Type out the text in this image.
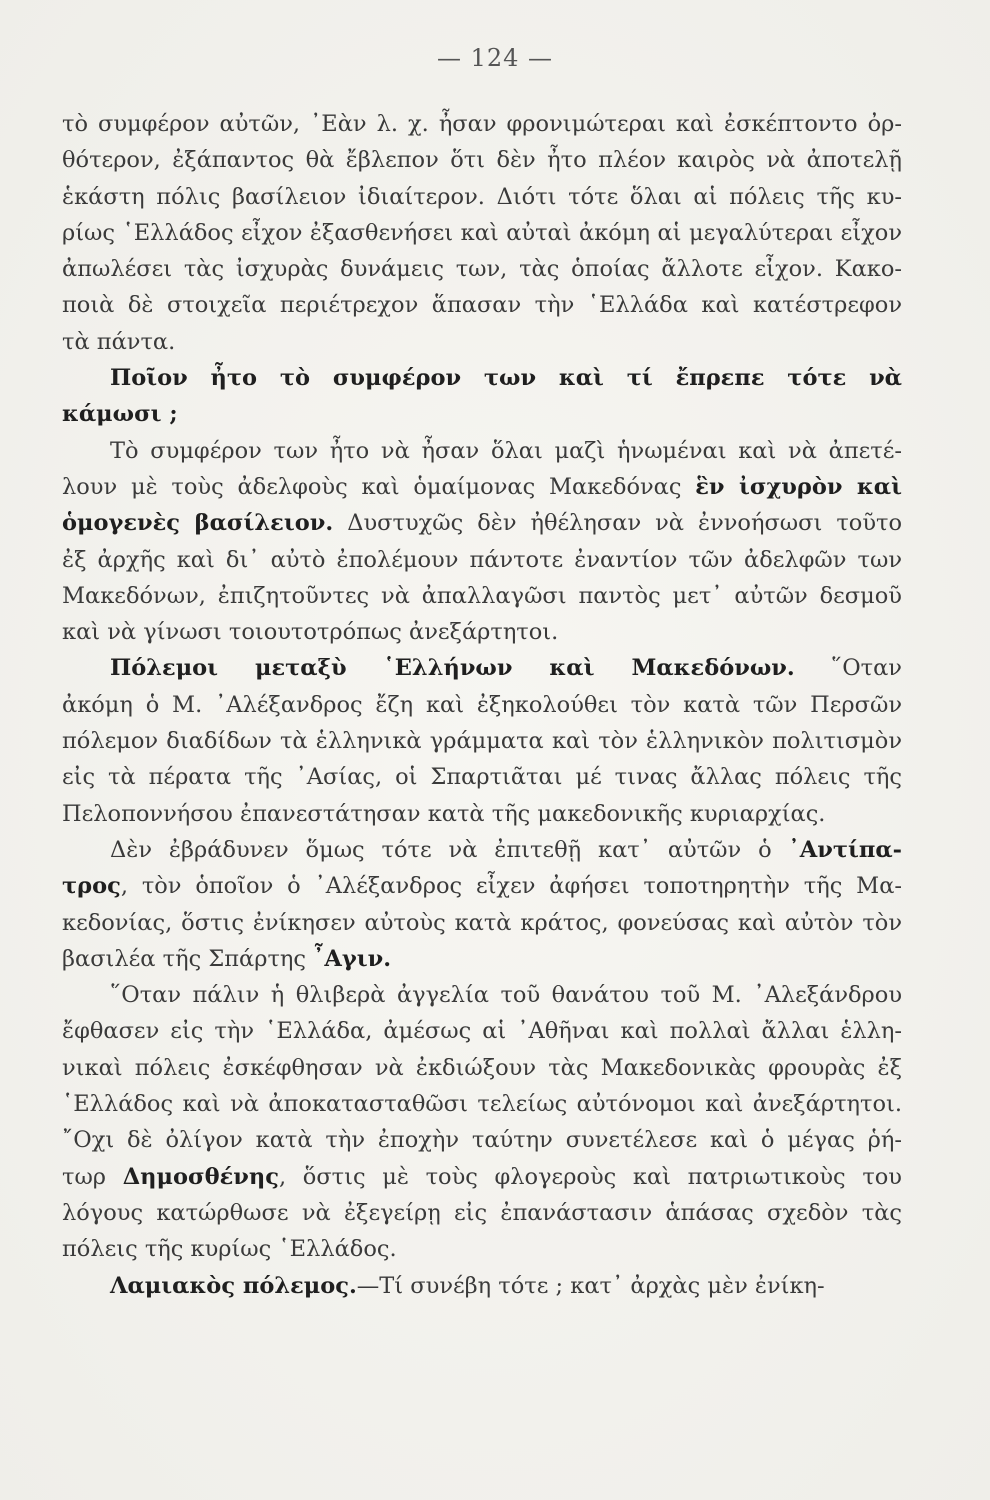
— 124 —

τὸ συμφέρον αὐτῶν, ᾽Εὰν λ. χ. ἦσαν φρονιμώτεραι καὶ ἐσκέπτοντο ὀρ-
θότερον, ἐξάπαντος θὰ ἔβλεπον ὅτι δὲν ἦτο πλέον καιρὸς νὰ ἀποτελῇ
ἑκάστη πόλις βασίλειον ἰδιαίτερον. Διότι τότε ὅλαι αἱ πόλεις τῆς κυ-
ρίως ῾Ελλάδος εἶχον ἐξασθενήσει καὶ αὐταὶ ἀκόμη αἱ μεγαλύτεραι εἶχον
ἀπωλέσει τὰς ἰσχυρὰς δυνάμεις των, τὰς ὁποίας ἄλλοτε εἶχον. Κακο-
ποιὰ δὲ στοιχεῖα περιέτρεχον ἅπασαν τὴν ῾Ελλάδα καὶ κατέστρεφον
τὰ πάντα.

Ποῖον ἦτο τὸ συμφέρον των καὶ τί ἔπρεπε τότε νὰ
κάμωσι ;

Τὸ συμφέρον των ἦτο νὰ ἦσαν ὅλαι μαζὶ ἡνωμέναι καὶ νὰ ἀπετέ-
λουν μὲ τοὺς ἀδελφοὺς καὶ ὁμαίμονας Μακεδόνας ἓν ἰσχυρὸν καὶ
ὁμογενὲς βασίλειον. Δυστυχῶς δὲν ἠθέλησαν νὰ ἐννοήσωσι τοῦτο
ἐξ ἀρχῆς καὶ δι᾽ αὐτὸ ἐπολέμουν πάντοτε ἐναντίον τῶν ἀδελφῶν των
Μακεδόνων, ἐπιζητοῦντες νὰ ἀπαλλαγῶσι παντὸς μετ᾽ αὐτῶν δεσμοῦ
καὶ νὰ γίνωσι τοιουτοτρόπως ἀνεξάρτητοι.

Πόλεμοι μεταξὺ ῾Ελλήνων καὶ Μακεδόνων. ῞Οταν
ἀκόμη ὁ Μ. ᾽Αλέξανδρος ἔζη καὶ ἐξηκολούθει τὸν κατὰ τῶν Περσῶν
πόλεμον διαδίδων τὰ ἑλληνικὰ γράμματα καὶ τὸν ἑλληνικὸν πολιτισμὸν
εἰς τὰ πέρατα τῆς ᾽Ασίας, οἱ Σπαρτιᾶται μέ τινας ἄλλας πόλεις τῆς
Πελοποννήσου ἐπανεστάτησαν κατὰ τῆς μακεδονικῆς κυριαρχίας.

Δὲν ἐβράδυνεν ὅμως τότε νὰ ἐπιτεθῇ κατ᾽ αὐτῶν ὁ ᾽Αντίπα-
τρος, τὸν ὁποῖον ὁ ᾽Αλέξανδρος εἶχεν ἀφήσει τοποτηρητὴν τῆς Μα-
κεδονίας, ὅστις ἐνίκησεν αὐτοὺς κατὰ κράτος, φονεύσας καὶ αὐτὸν τὸν
βασιλέα τῆς Σπάρτης ῏Αγιν.

῞Οταν πάλιν ἡ θλιβερὰ ἀγγελία τοῦ θανάτου τοῦ Μ. ᾽Αλεξάνδρου
ἔφθασεν εἰς τὴν ῾Ελλάδα, ἀμέσως αἱ ᾽Αθῆναι καὶ πολλαὶ ἄλλαι ἑλλη-
νικαὶ πόλεις ἐσκέφθησαν νὰ ἐκδιώξουν τὰς Μακεδονικὰς φρουρὰς ἐξ
῾Ελλάδος καὶ νὰ ἀποκατασταθῶσι τελείως αὐτόνομοι καὶ ἀνεξάρτητοι.
῎Οχι δὲ ὀλίγον κατὰ τὴν ἐποχὴν ταύτην συνετέλεσε καὶ ὁ μέγας ῥή-
τωρ Δημοσθένης, ὅστις μὲ τοὺς φλογεροὺς καὶ πατριωτικοὺς του
λόγους κατώρθωσε νὰ ἐξεγείρῃ εἰς ἐπανάστασιν ἁπάσας σχεδὸν τὰς
πόλεις τῆς κυρίως ῾Ελλάδος.

Λαμιακὸς πόλεμος.—Τί συνέβη τότε ; κατ᾽ ἀρχὰς μὲν ἐνίκη-
